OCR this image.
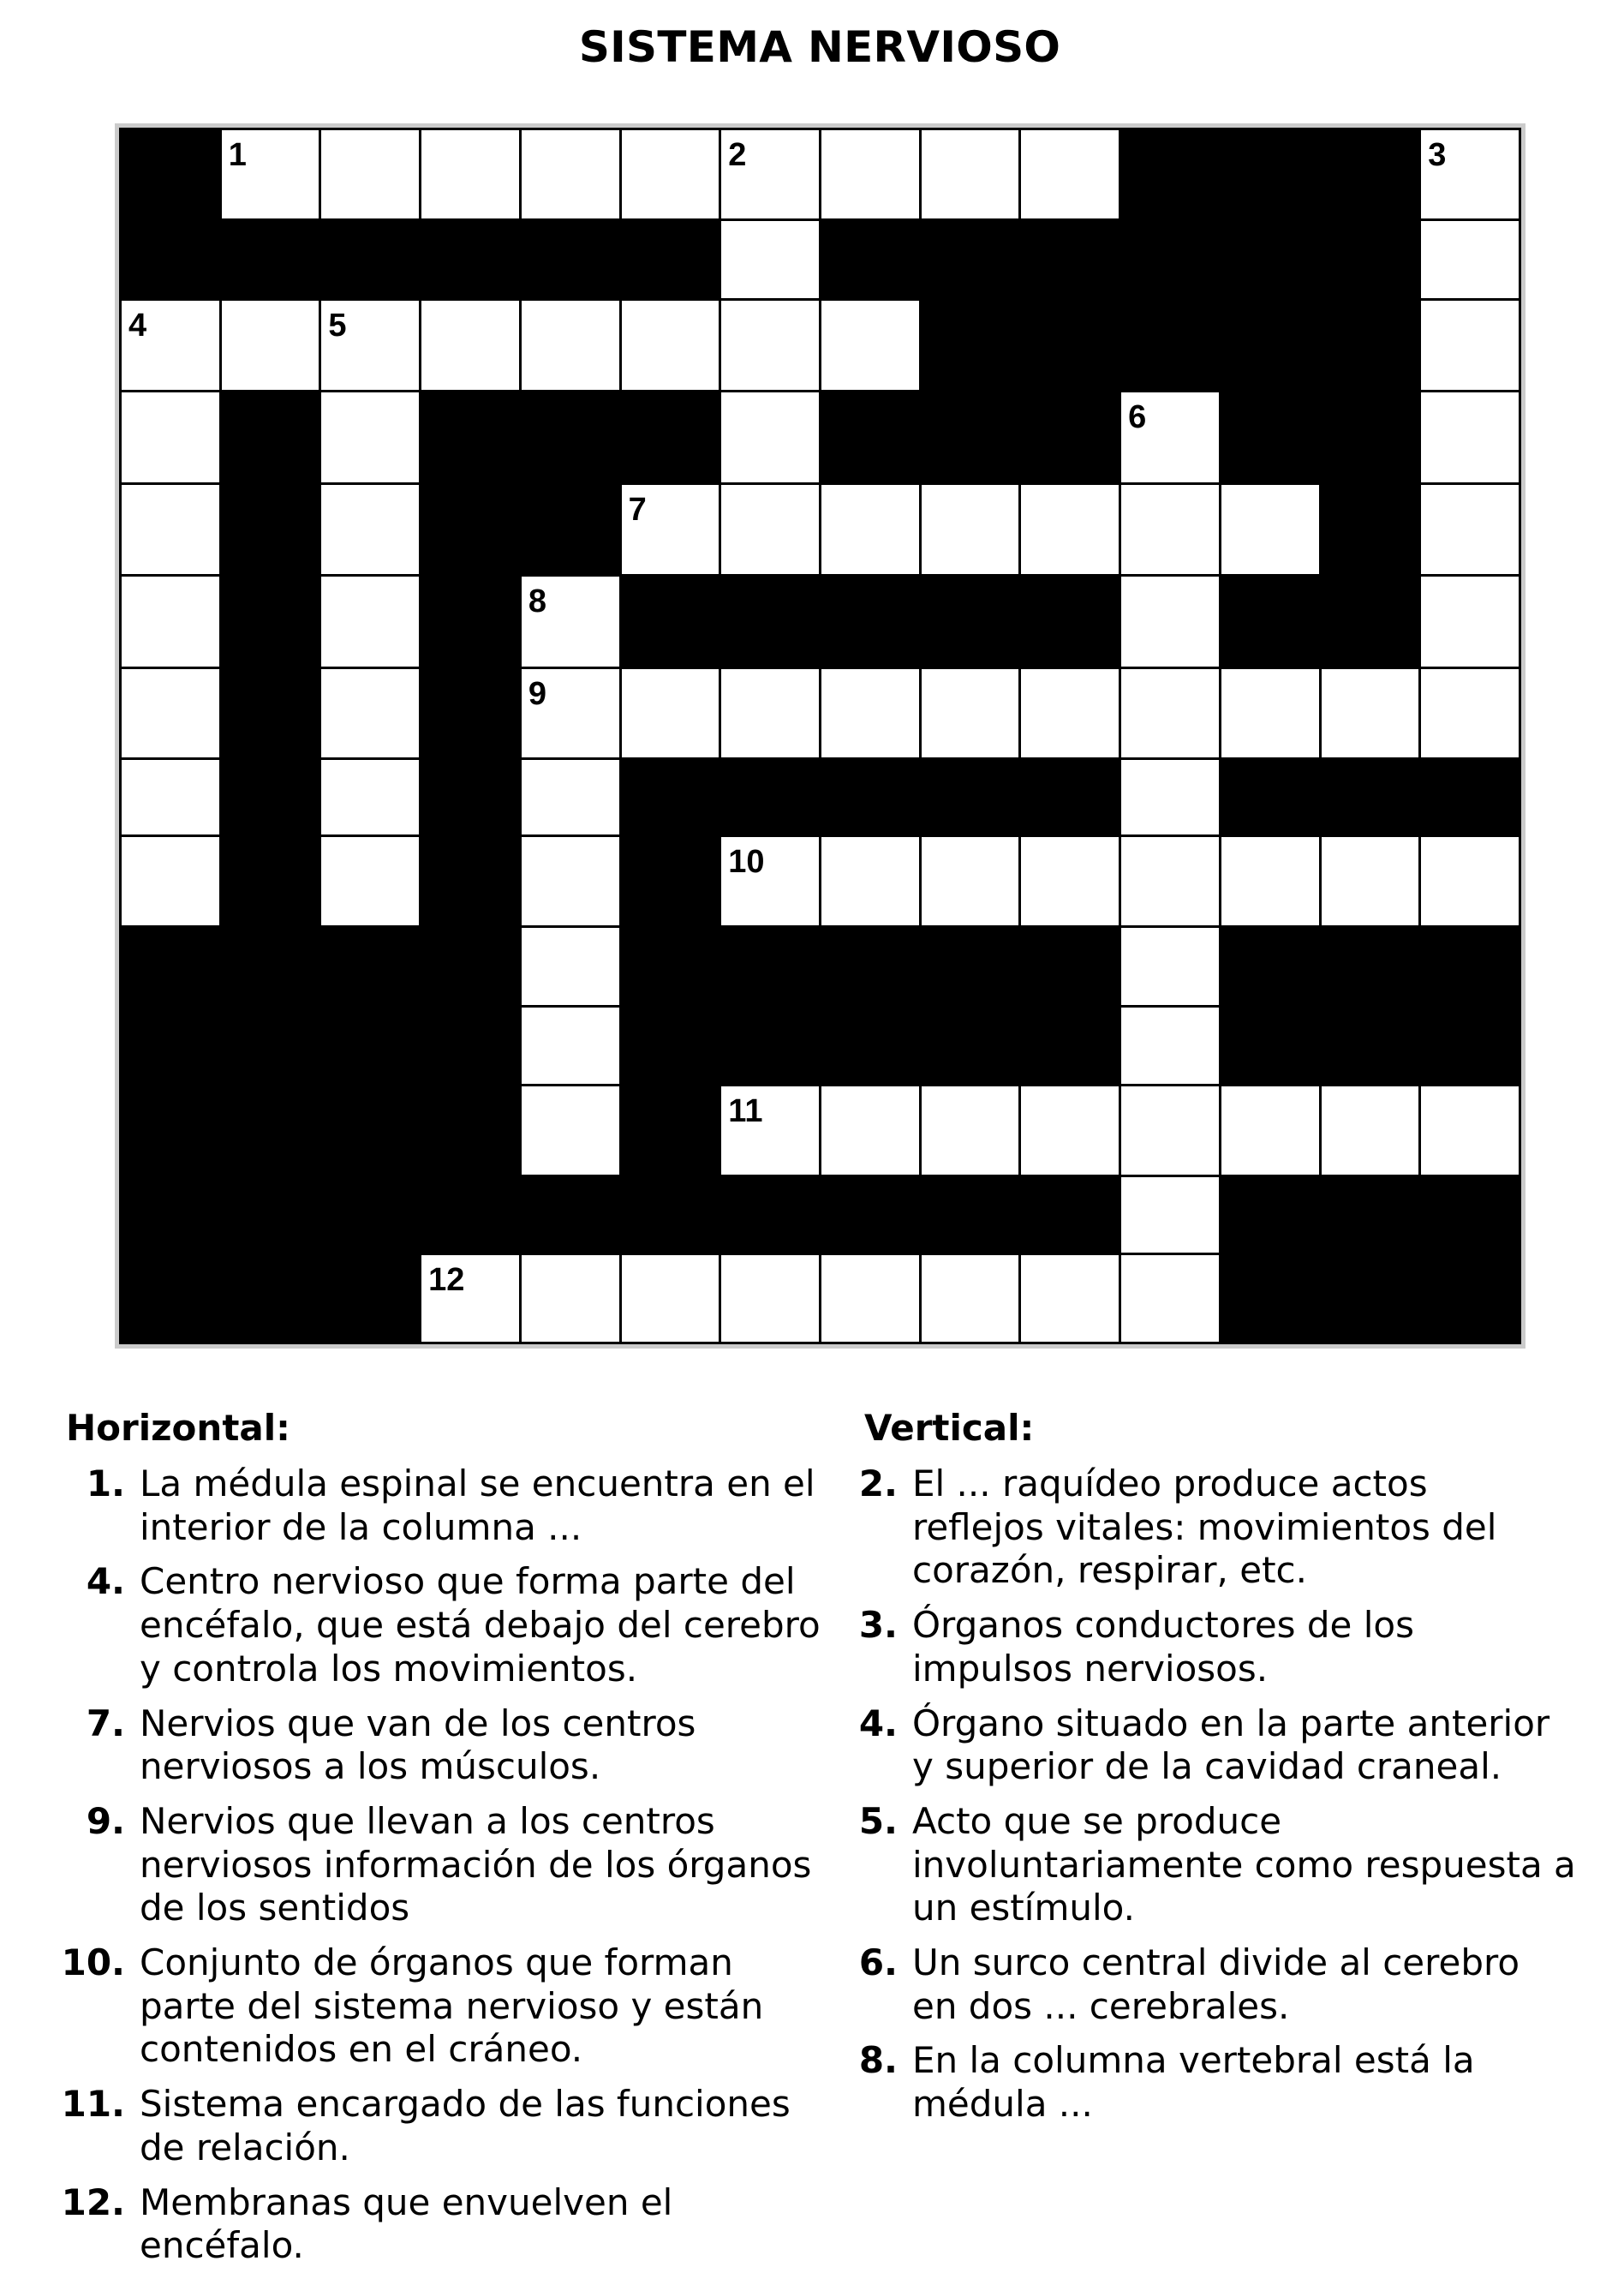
SISTEMA NERVIOSO
1	2	3
4	5
6
7
8
9
10
11
12
Horizontal:
1. La médula espinal se encuentra en el
interior de la columna ...
4. Centro nervioso que forma parte del
encéfalo, que está debajo del cerebro
y controla los movimientos.
7. Nervios que van de los centros
nerviosos a los músculos.
9. Nervios que llevan a los centros
nerviosos información de los órganos
de los sentidos
10. Conjunto de órganos que forman
parte del sistema nervioso y están
contenidos en el cráneo.
11. Sistema encargado de las funciones
de relación.
12. Membranas que envuelven el
encéfalo.
Vertical:
2. El ... raquídeo produce actos
reflejos vitales: movimientos del
corazón, respirar, etc.
3. Órganos conductores de los
impulsos nerviosos.
4. Órgano situado en la parte anterior
y superior de la cavidad craneal.
5. Acto que se produce
involuntariamente como respuesta a
un estímulo.
6. Un surco central divide al cerebro
en dos ... cerebrales.
8. En la columna vertebral está la
médula ...
